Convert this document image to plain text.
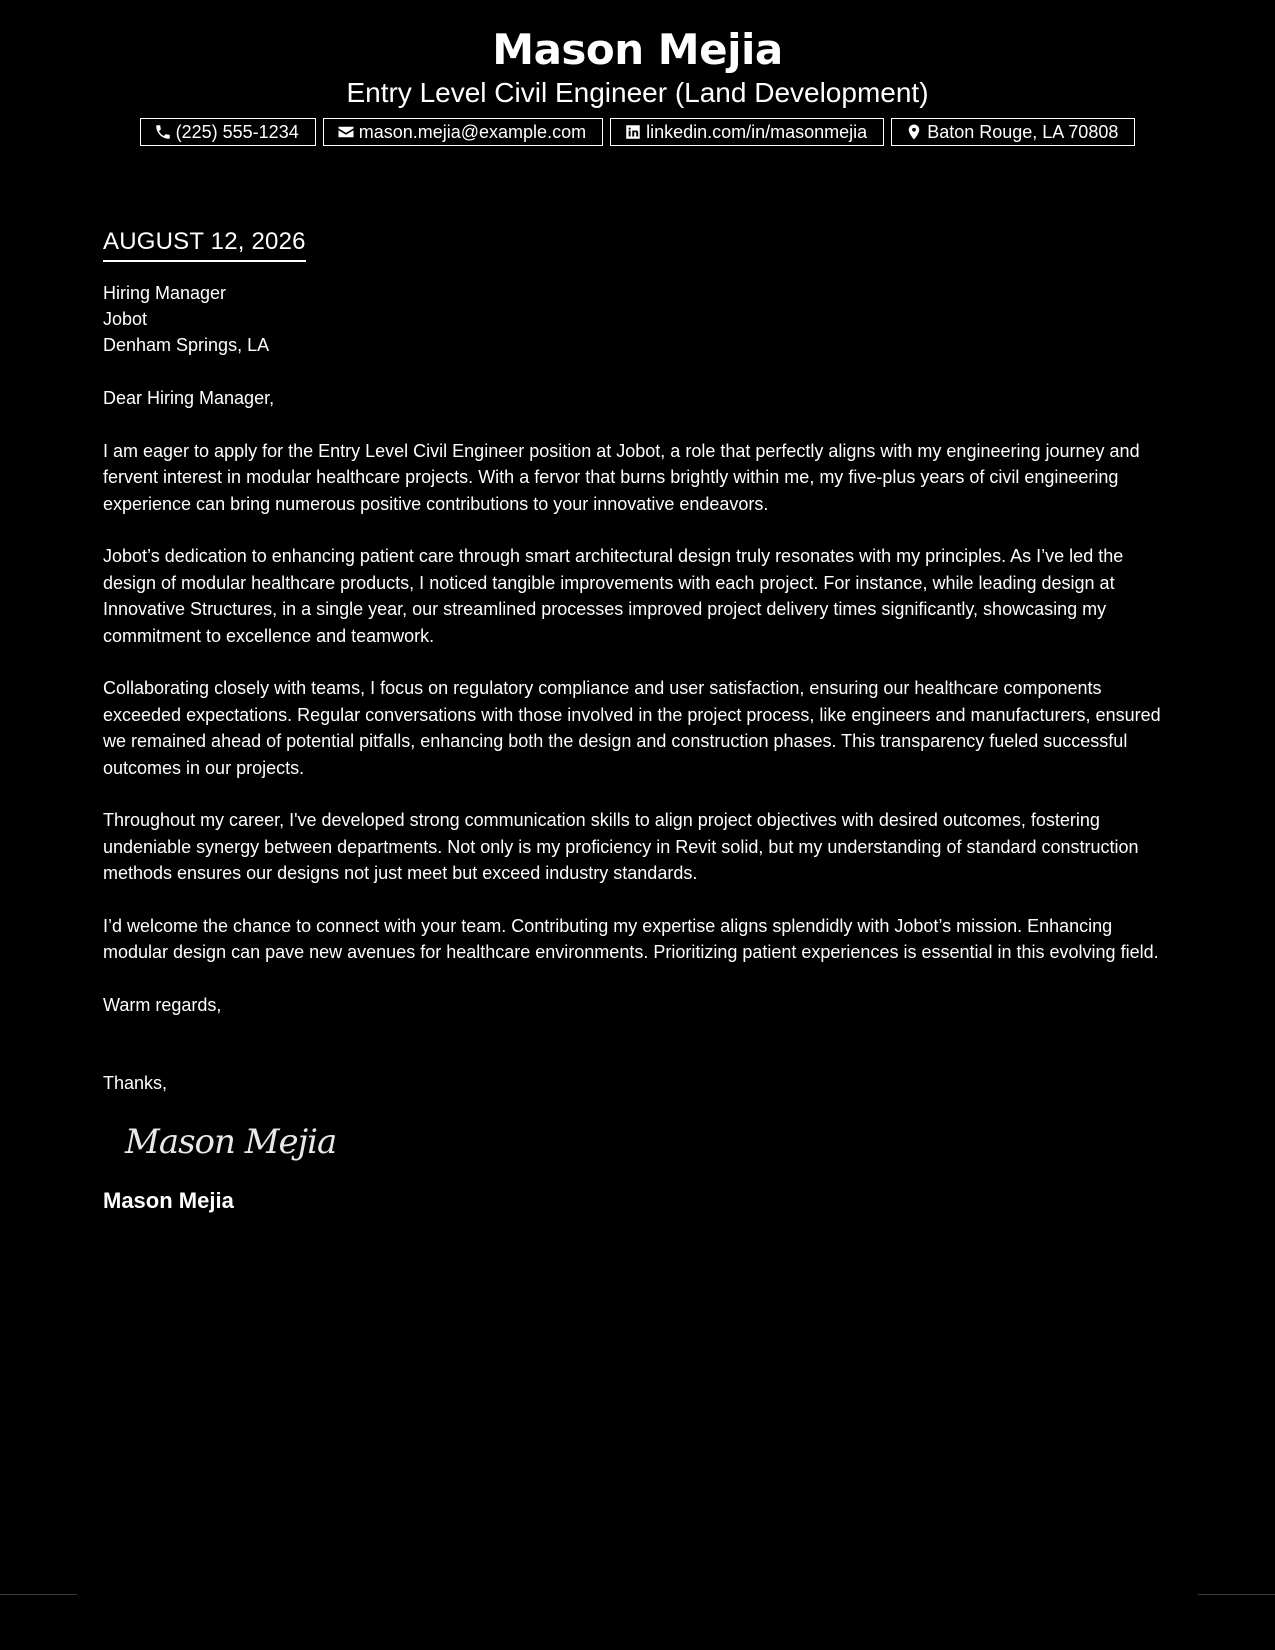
Mason Mejia
Entry Level Civil Engineer (Land Development)
(225) 555-1234	mason.mejia@example.com	linkedin.com/in/masonmejia	Baton Rouge, LA 70808
AUGUST 12, 2026
Hiring Manager
Jobot
Denham Springs, LA
Dear Hiring Manager,
I am eager to apply for the Entry Level Civil Engineer position at Jobot, a role that perfectly aligns with my engineering journey and fervent interest in modular healthcare projects. With a fervor that burns brightly within me, my five-plus years of civil engineering experience can bring numerous positive contributions to your innovative endeavors.
Jobot’s dedication to enhancing patient care through smart architectural design truly resonates with my principles. As I’ve led the design of modular healthcare products, I noticed tangible improvements with each project. For instance, while leading design at Innovative Structures, in a single year, our streamlined processes improved project delivery times significantly, showcasing my commitment to excellence and teamwork.
Collaborating closely with teams, I focus on regulatory compliance and user satisfaction, ensuring our healthcare components exceeded expectations. Regular conversations with those involved in the project process, like engineers and manufacturers, ensured we remained ahead of potential pitfalls, enhancing both the design and construction phases. This transparency fueled successful outcomes in our projects.
Throughout my career, I've developed strong communication skills to align project objectives with desired outcomes, fostering undeniable synergy between departments. Not only is my proficiency in Revit solid, but my understanding of standard construction methods ensures our designs not just meet but exceed industry standards.
I’d welcome the chance to connect with your team. Contributing my expertise aligns splendidly with Jobot’s mission. Enhancing modular design can pave new avenues for healthcare environments. Prioritizing patient experiences is essential in this evolving field.
Warm regards,
Thanks,
Mason Mejia
Mason Mejia
